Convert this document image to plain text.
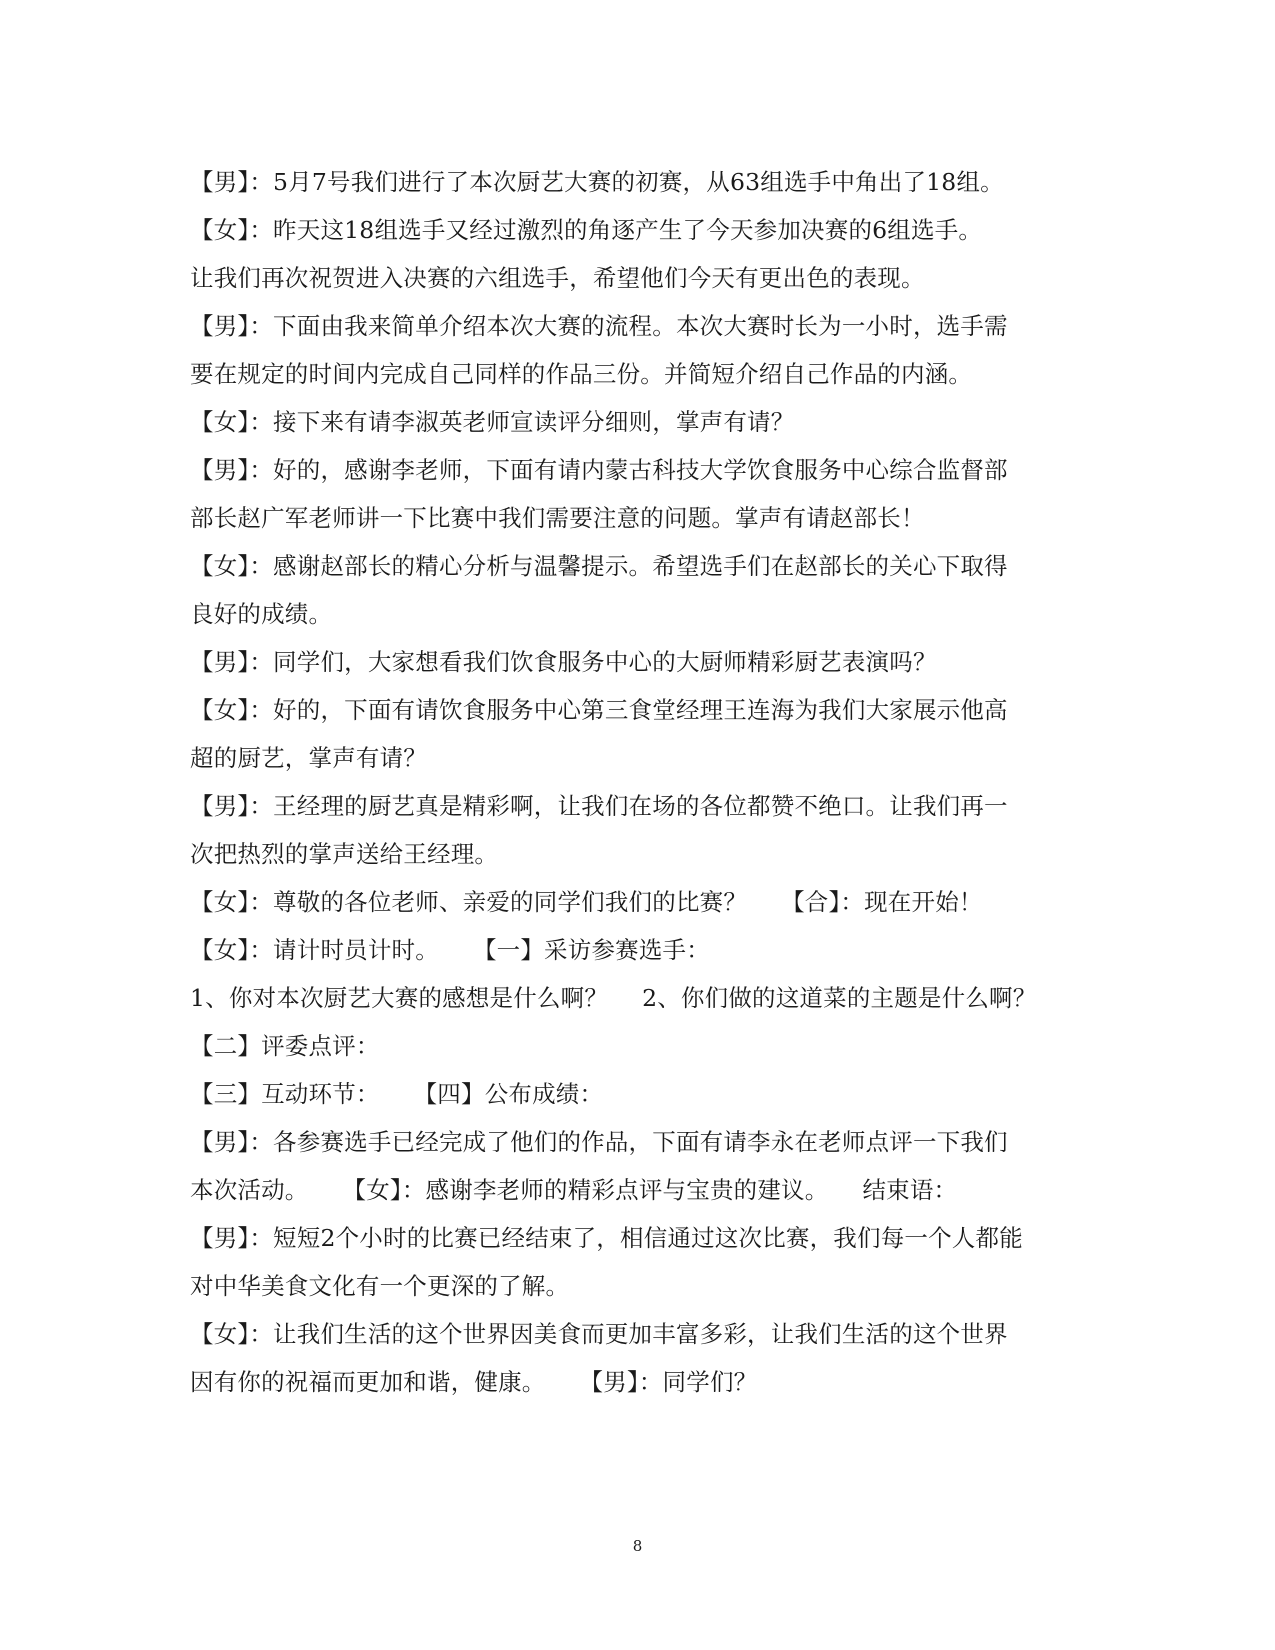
【男】：5月7号我们进行了本次厨艺大赛的初赛，从63组选手中角出了18组。
【女】：昨天这18组选手又经过激烈的角逐产生了今天参加决赛的6组选手。
让我们再次祝贺进入决赛的六组选手，希望他们今天有更出色的表现。
【男】：下面由我来简单介绍本次大赛的流程。本次大赛时长为一小时，选手需
要在规定的时间内完成自己同样的作品三份。并简短介绍自己作品的内涵。
【女】：接下来有请李淑英老师宣读评分细则，掌声有请？
【男】：好的，感谢李老师，下面有请内蒙古科技大学饮食服务中心综合监督部
部长赵广军老师讲一下比赛中我们需要注意的问题。掌声有请赵部长！
【女】：感谢赵部长的精心分析与温馨提示。希望选手们在赵部长的关心下取得
良好的成绩。
【男】：同学们，大家想看我们饮食服务中心的大厨师精彩厨艺表演吗？
【女】：好的，下面有请饮食服务中心第三食堂经理王连海为我们大家展示他高
超的厨艺，掌声有请？
【男】：王经理的厨艺真是精彩啊，让我们在场的各位都赞不绝口。让我们再一
次把热烈的掌声送给王经理。
【女】：尊敬的各位老师、亲爱的同学们我们的比赛？ 【合】：现在开始！
【女】：请计时员计时。 【一】采访参赛选手：
1、你对本次厨艺大赛的感想是什么啊？ 2、你们做的这道菜的主题是什么啊？
【二】评委点评：
【三】互动环节： 【四】公布成绩：
【男】：各参赛选手已经完成了他们的作品，下面有请李永在老师点评一下我们
本次活动。 【女】：感谢李老师的精彩点评与宝贵的建议。 结束语：
【男】：短短2个小时的比赛已经结束了，相信通过这次比赛，我们每一个人都能
对中华美食文化有一个更深的了解。
【女】：让我们生活的这个世界因美食而更加丰富多彩，让我们生活的这个世界
因有你的祝福而更加和谐，健康。 【男】：同学们？
8
